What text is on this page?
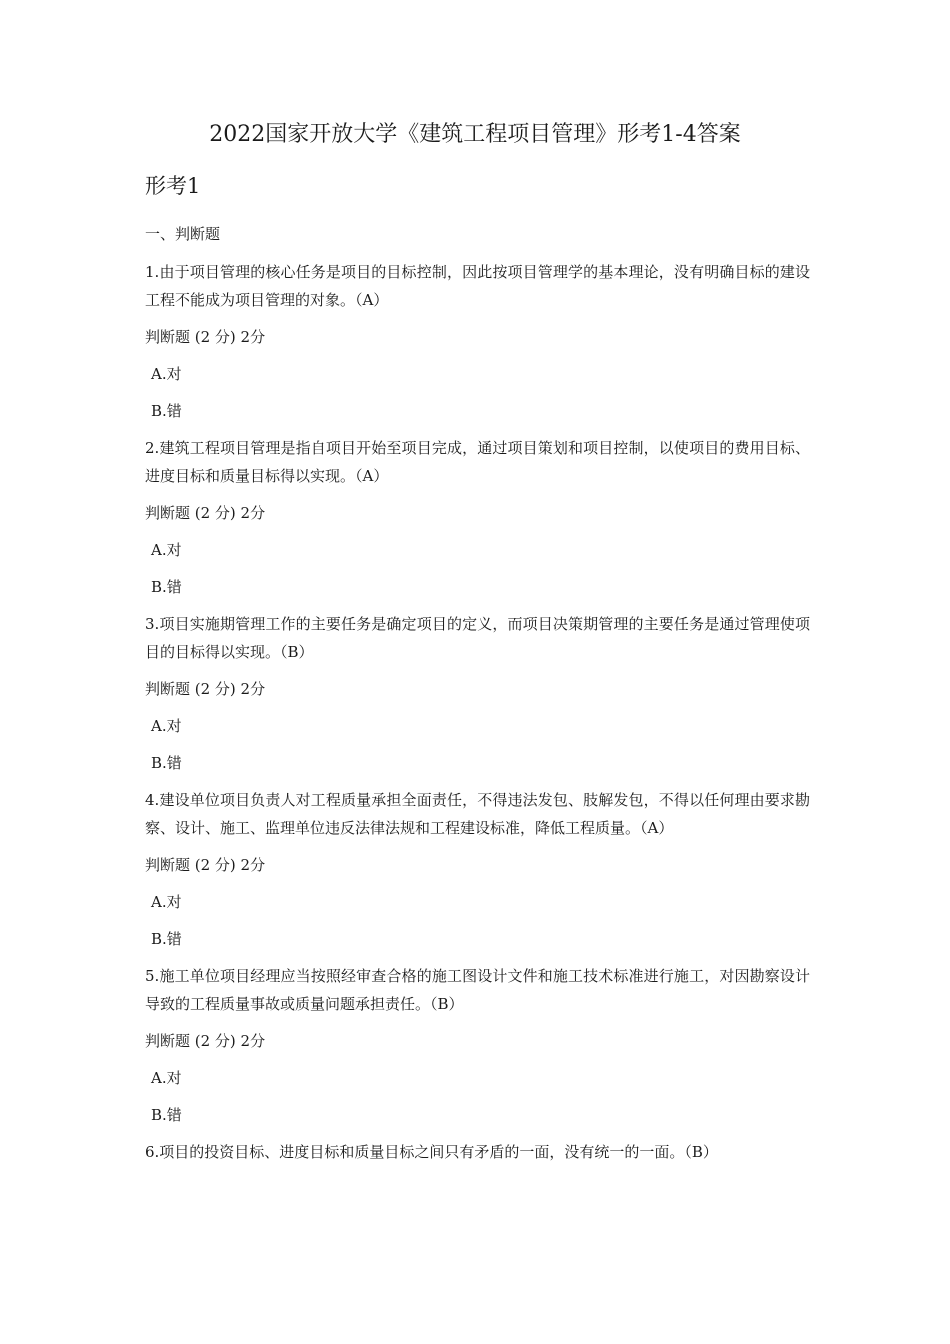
2022国家开放大学《建筑工程项目管理》形考1-4答案
形考1

一、判断题

1.由于项目管理的核心任务是项目的目标控制，因此按项目管理学的基本理论，没有明确目标的建设工程不能成为项目管理的对象。（A）

判断题 (2 分) 2分

A.对

B.错

2.建筑工程项目管理是指自项目开始至项目完成，通过项目策划和项目控制，以使项目的费用目标、进度目标和质量目标得以实现。（A）

判断题 (2 分) 2分

A.对

B.错

3.项目实施期管理工作的主要任务是确定项目的定义，而项目决策期管理的主要任务是通过管理使项目的目标得以实现。（B）

判断题 (2 分) 2分

A.对

B.错

4.建设单位项目负责人对工程质量承担全面责任，不得违法发包、肢解发包，不得以任何理由要求勘察、设计、施工、监理单位违反法律法规和工程建设标准，降低工程质量。（A）

判断题 (2 分) 2分

A.对

B.错

5.施工单位项目经理应当按照经审查合格的施工图设计文件和施工技术标准进行施工，对因勘察设计导致的工程质量事故或质量问题承担责任。（B）

判断题 (2 分) 2分

A.对

B.错

6.项目的投资目标、进度目标和质量目标之间只有矛盾的一面，没有统一的一面。（B）
